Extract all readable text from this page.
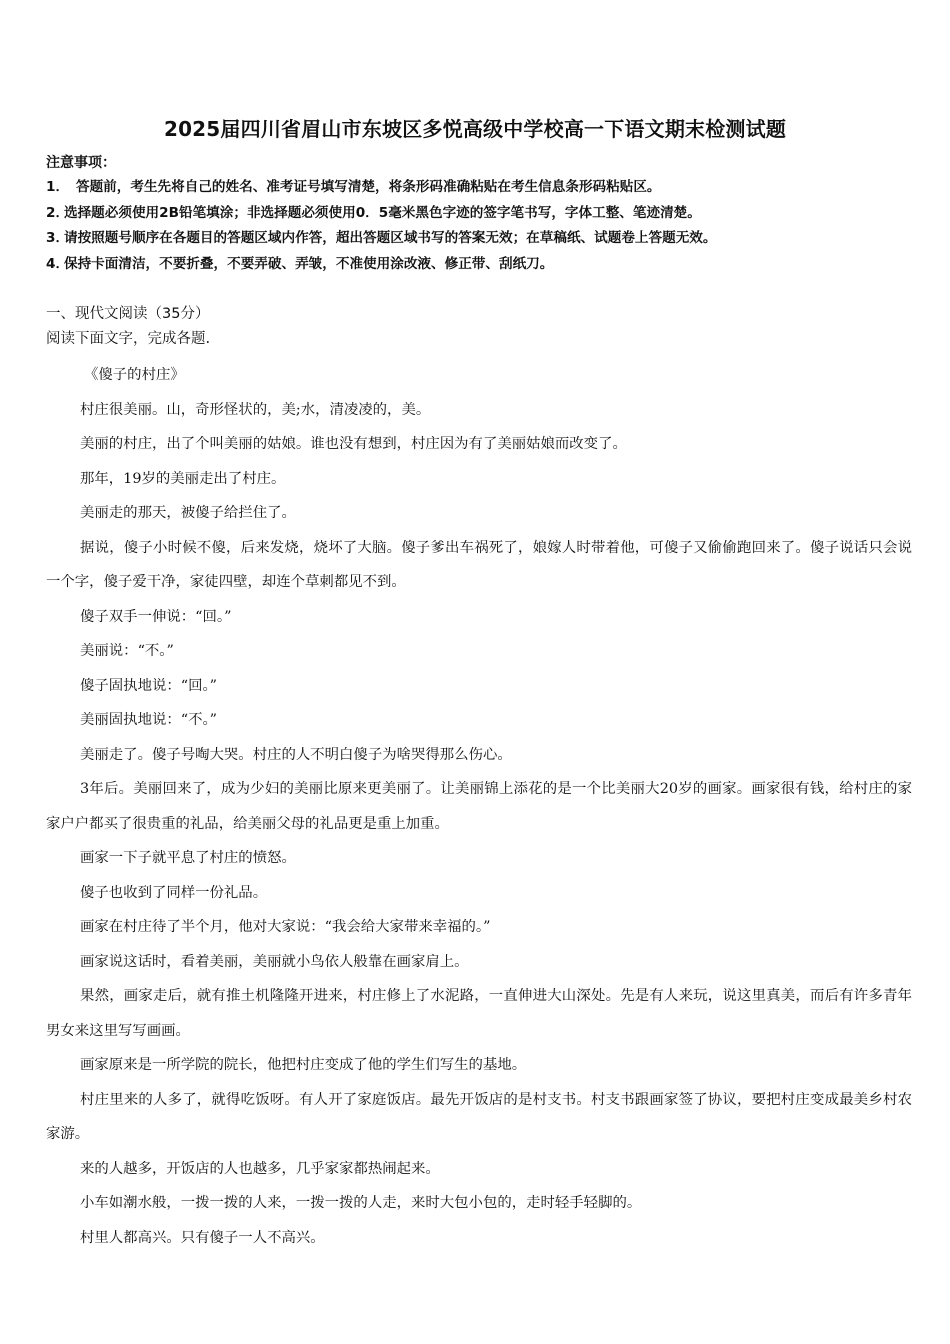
2025届四川省眉山市东坡区多悦高级中学校高一下语文期末检测试题
注意事项：
1． 答题前，考生先将自己的姓名、准考证号填写清楚，将条形码准确粘贴在考生信息条形码粘贴区。
2．选择题必须使用2B铅笔填涂；非选择题必须使用0．5毫米黑色字迹的签字笔书写，字体工整、笔迹清楚。
3．请按照题号顺序在各题目的答题区域内作答，超出答题区域书写的答案无效；在草稿纸、试题卷上答题无效。
4．保持卡面清洁，不要折叠，不要弄破、弄皱，不准使用涂改液、修正带、刮纸刀。
一、现代文阅读（35分）
阅读下面文字，完成各题.

《傻子的村庄》

村庄很美丽。山，奇形怪状的，美;水，清凌凌的，美。

美丽的村庄，出了个叫美丽的姑娘。谁也没有想到，村庄因为有了美丽姑娘而改变了。

那年，19岁的美丽走出了村庄。

美丽走的那天，被傻子给拦住了。

据说，傻子小时候不傻，后来发烧，烧坏了大脑。傻子爹出车祸死了，娘嫁人时带着他，可傻子又偷偷跑回来了。傻子说话只会说一个字，傻子爱干净，家徒四壁，却连个草刺都见不到。

傻子双手一伸说：“回。”

美丽说：“不。”

傻子固执地说：“回。”

美丽固执地说：“不。”

美丽走了。傻子号啕大哭。村庄的人不明白傻子为啥哭得那么伤心。

3年后。美丽回来了，成为少妇的美丽比原来更美丽了。让美丽锦上添花的是一个比美丽大20岁的画家。画家很有钱，给村庄的家家户户都买了很贵重的礼品，给美丽父母的礼品更是重上加重。

画家一下子就平息了村庄的愤怒。

傻子也收到了同样一份礼品。

画家在村庄待了半个月，他对大家说：“我会给大家带来幸福的。”

画家说这话时，看着美丽，美丽就小鸟依人般靠在画家肩上。

果然，画家走后，就有推土机隆隆开进来，村庄修上了水泥路，一直伸进大山深处。先是有人来玩，说这里真美，而后有许多青年男女来这里写写画画。

画家原来是一所学院的院长，他把村庄变成了他的学生们写生的基地。

村庄里来的人多了，就得吃饭呀。有人开了家庭饭店。最先开饭店的是村支书。村支书跟画家签了协议，要把村庄变成最美乡村农家游。

来的人越多，开饭店的人也越多，几乎家家都热闹起来。

小车如潮水般，一拨一拨的人来，一拨一拨的人走，来时大包小包的，走时轻手轻脚的。

村里人都高兴。只有傻子一人不高兴。
